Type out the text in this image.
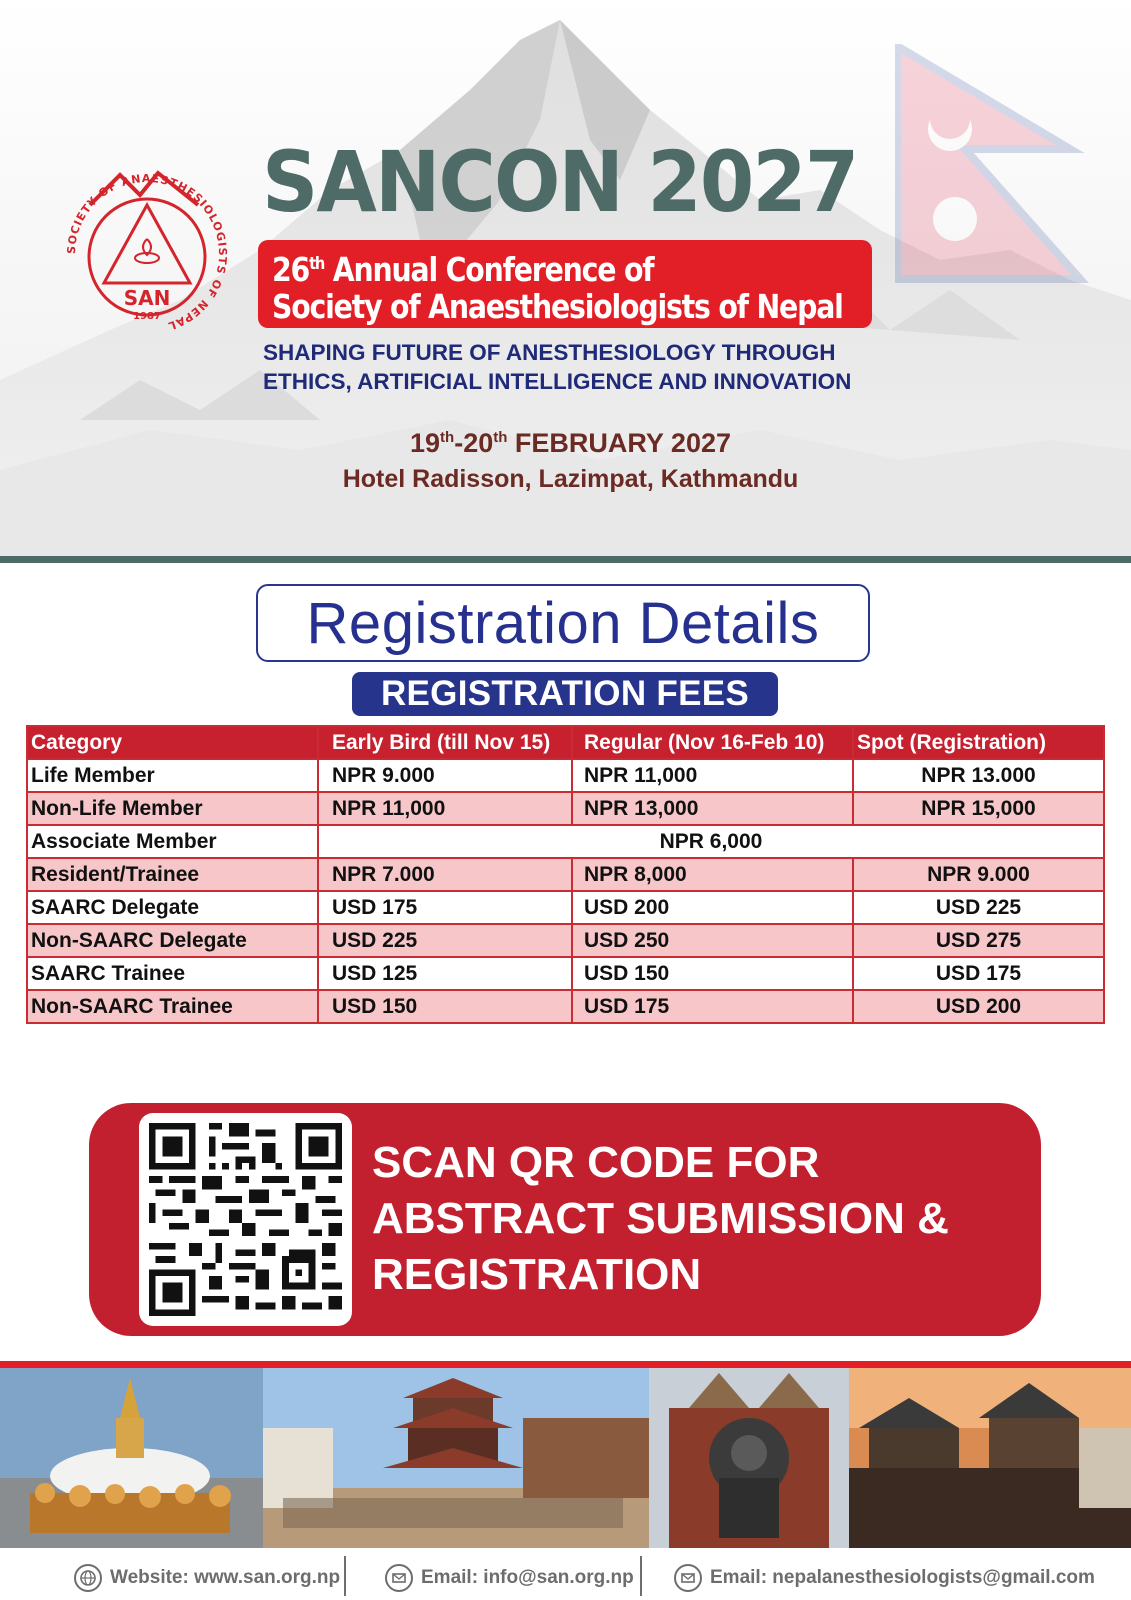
SOCIETY OF ANAESTHESIOLOGISTS OF NEPAL
SAN
1987
SANCON 2027
26th Annual Conference of
Society of Anaesthesiologists of Nepal
SHAPING FUTURE OF ANESTHESIOLOGY THROUGH
ETHICS, ARTIFICIAL INTELLIGENCE AND INNOVATION
19th-20th FEBRUARY 2027
Hotel Radisson, Lazimpat, Kathmandu
Registration Details
REGISTRATION FEES
Category	Early Bird (till Nov 15)	Regular (Nov 16-Feb 10)	Spot (Registration)
Life Member	NPR 9.000	NPR 11,000	NPR 13.000
Non-Life Member	NPR 11,000	NPR 13,000	NPR 15,000
Associate Member	NPR 6,000		
Resident/Trainee	NPR 7.000	NPR 8,000	NPR 9.000
SAARC Delegate	USD 175	USD 200	USD 225
Non-SAARC Delegate	USD 225	USD 250	USD 275
SAARC Trainee	USD 125	USD 150	USD 175
Non-SAARC Trainee	USD 150	USD 175	USD 200
SCAN QR CODE FOR
ABSTRACT SUBMISSION &
REGISTRATION
Website: www.san.org.np	Email: info@san.org.np	Email: nepalanesthesiologists@gmail.com
